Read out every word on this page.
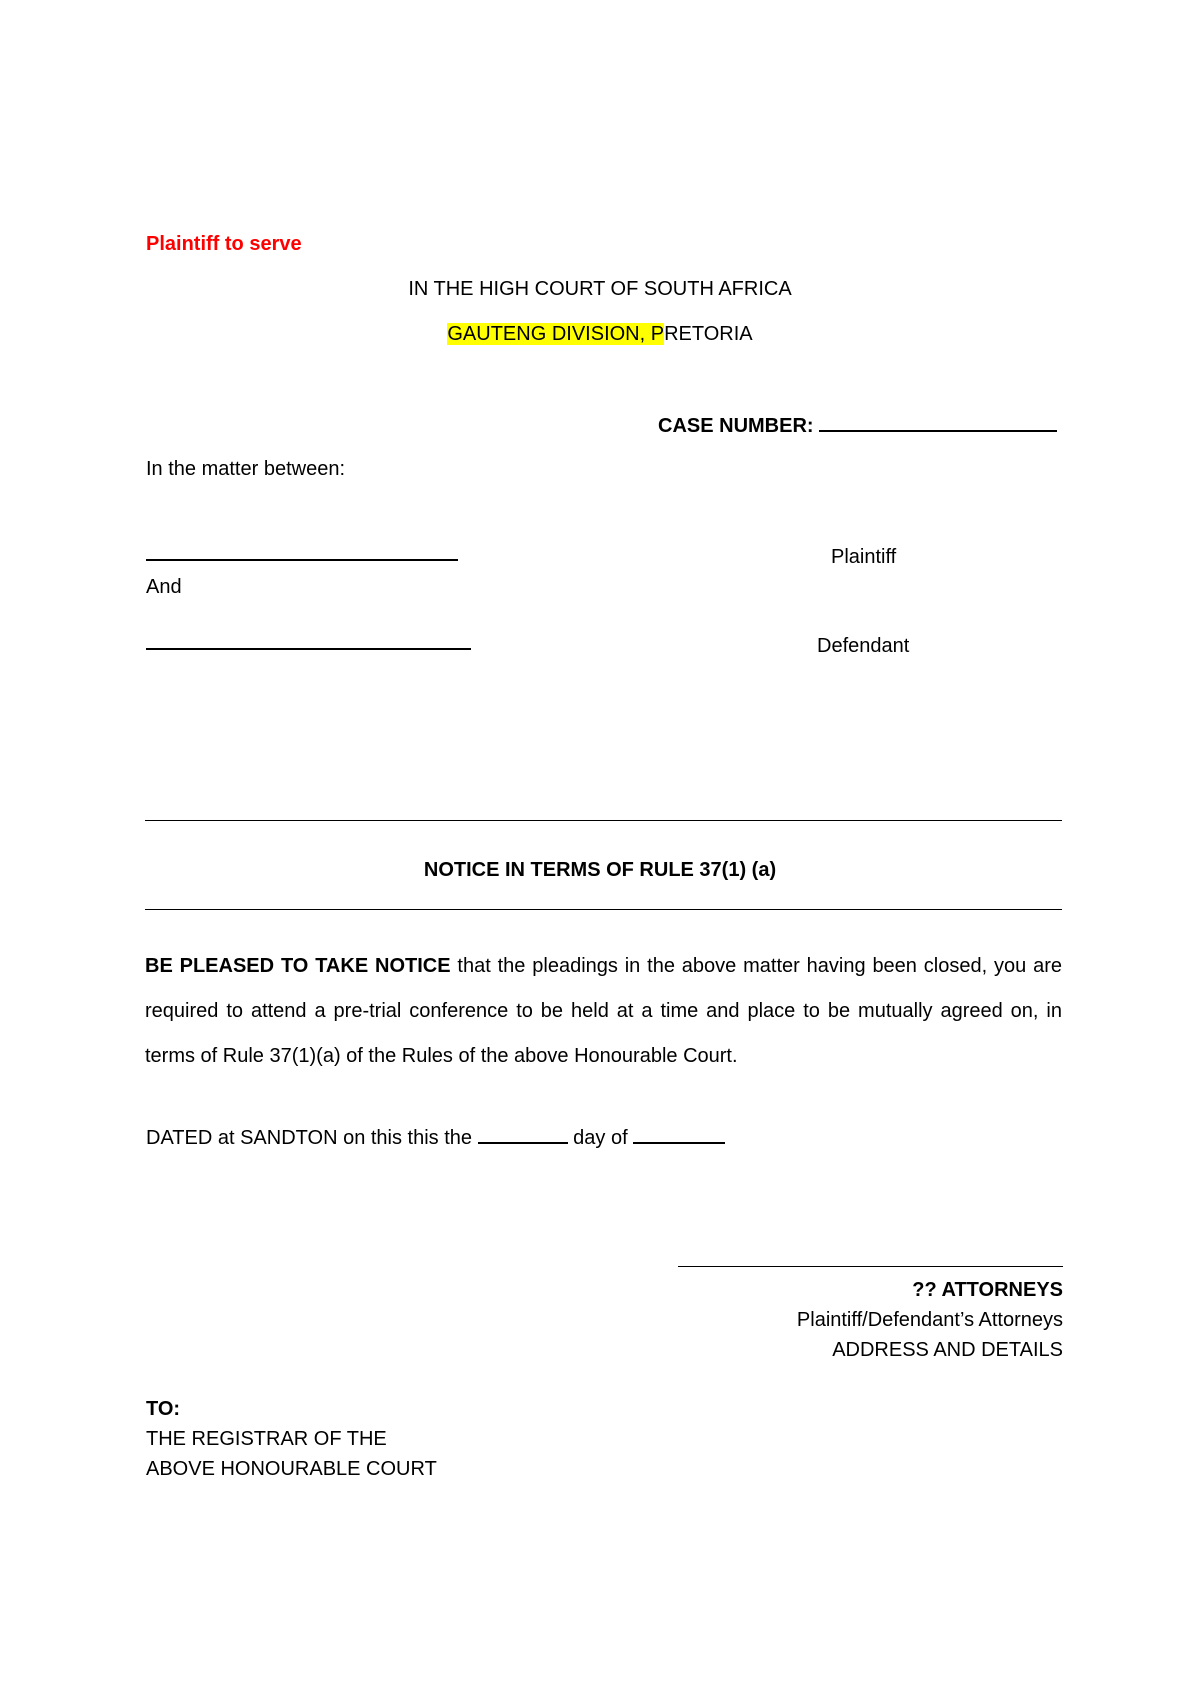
Plaintiff to serve
IN THE HIGH COURT OF SOUTH AFRICA
GAUTENG DIVISION, PRETORIA
CASE NUMBER:
In the matter between:
Plaintiff
And
Defendant
NOTICE IN TERMS OF RULE 37(1) (a)
BE PLEASED TO TAKE NOTICE that the pleadings in the above matter having been closed, you are required to attend a pre-trial conference to be held at a time and place to be mutually agreed on, in terms of Rule 37(1)(a) of the Rules of the above Honourable Court.
DATED at SANDTON on this this the	day of
?? ATTORNEYS
Plaintiff/Defendant’s Attorneys
ADDRESS AND DETAILS
TO:
THE REGISTRAR OF THE
ABOVE HONOURABLE COURT
